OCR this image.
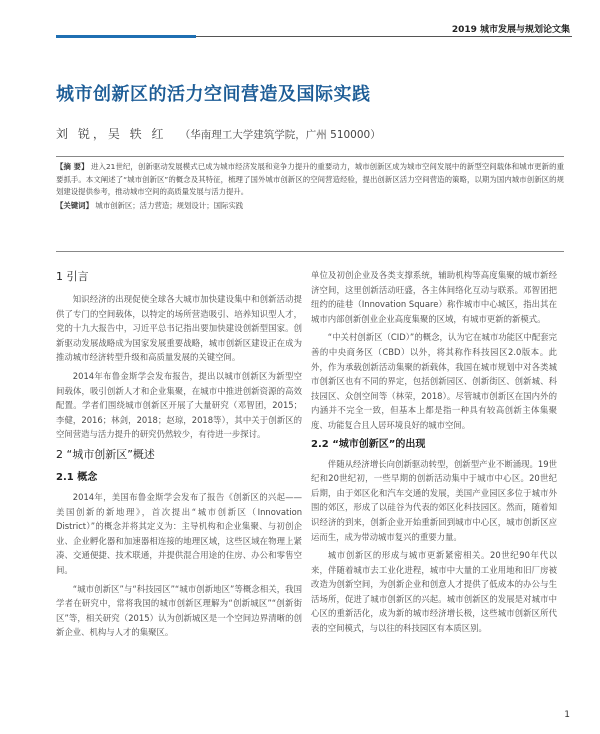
2019 城市发展与规划论文集
城市创新区的活力空间营造及国际实践
刘 锐，吴 轶 红 （华南理工大学建筑学院，广州 510000）
【摘 要】 进入21世纪，创新驱动发展模式已成为城市经济发展和竞争力提升的重要动力，城市创新区成为城市空间发展中的新型空间载体和城市更新的重要抓手。本文阐述了“城市创新区”的概念及其特征，梳理了国外城市创新区的空间营造经验，提出创新区活力空间营造的策略，以期为国内城市创新区的规划建设提供参考，推动城市空间的高质量发展与活力提升。
【关键词】 城市创新区；活力营造；规划设计；国际实践
1 引言

知识经济的出现促使全球各大城市加快建设集中和创新活动提供了专门的空间载体，以特定的场所营造吸引、培养知识型人才，党的十九大报告中，习近平总书记指出要加快建设创新型国家。创新驱动发展战略成为国家发展重要战略，城市创新区建设正在成为推动城市经济转型升级和高质量发展的关键空间。

2014年布鲁金斯学会发布报告，提出以城市创新区为新型空间载体，吸引创新人才和企业集聚，在城市中推进创新资源的高效配置。学者们围绕城市创新区开展了大量研究（邓智团，2015；李健，2016；林剑，2018；赵琼，2018等），其中关于创新区的空间营造与活力提升的研究仍然较少，有待进一步探讨。

2 “城市创新区”概述
2.1 概念

2014年，美国布鲁金斯学会发布了报告《创新区的兴起——美国创新的新地理》，首次提出“城市创新区（Innovation District）”的概念并将其定义为：主导机构和企业集聚、与初创企业、企业孵化器和加速器相连接的地理区域，这些区域在物理上紧凑、交通便捷、技术联通，并提供混合用途的住房、办公和零售空间。

“城市创新区”与“科技园区”“城市创新地区”等概念相关，我国学者在研究中，常将我国的城市创新区理解为“创新城区”“创新街区”等，相关研究（2015）认为创新城区是一个空间边界清晰的创新企业、机构与人才的集聚区。

单位及初创企业及各类支撑系统，辅助机构等高度集聚的城市新经济空间，这里创新活动旺盛，各主体间络化互动与联系。邓智团把纽约的硅巷（Innovation Square）称作城市中心城区，指出其在城市内部创新创业企业高度集聚的区域，有城市更新的新模式。

“中关村创新区（CID）”的概念，认为它在城市功能区中配套完善的中央商务区（CBD）以外，将其称作科技园区2.0版本。此外，作为承载创新活动集聚的新载体，我国在城市规划中对各类城市创新区也有不同的界定，包括创新园区、创新街区、创新城、科技园区、众创空间等（林荣，2018）。尽管城市创新区在国内外的内涵并不完全一致，但基本上都是指一种具有较高创新主体集聚度、功能复合且人居环境良好的城市空间。

2.2 “城市创新区”的出现

伴随从经济增长向创新驱动转型，创新型产业不断涌现。19世纪和20世纪初，一些早期的创新活动集中于城市中心区。20世纪后期，由于郊区化和汽车交通的发展，美国产业园区多位于城市外围的郊区，形成了以硅谷为代表的郊区化科技园区。然而，随着知识经济的到来，创新企业开始重新回到城市中心区，城市创新区应运而生，成为带动城市复兴的重要力量。

城市创新区的形成与城市更新紧密相关。20世纪90年代以来，伴随着城市去工业化进程，城市中大量的工业用地和旧厂房被改造为创新空间，为创新企业和创意人才提供了低成本的办公与生活场所，促进了城市创新区的兴起。城市创新区的发展是对城市中心区的重新活化，成为新的城市经济增长极，这些城市创新区所代表的空间模式，与以往的科技园区有本质区别。

1
